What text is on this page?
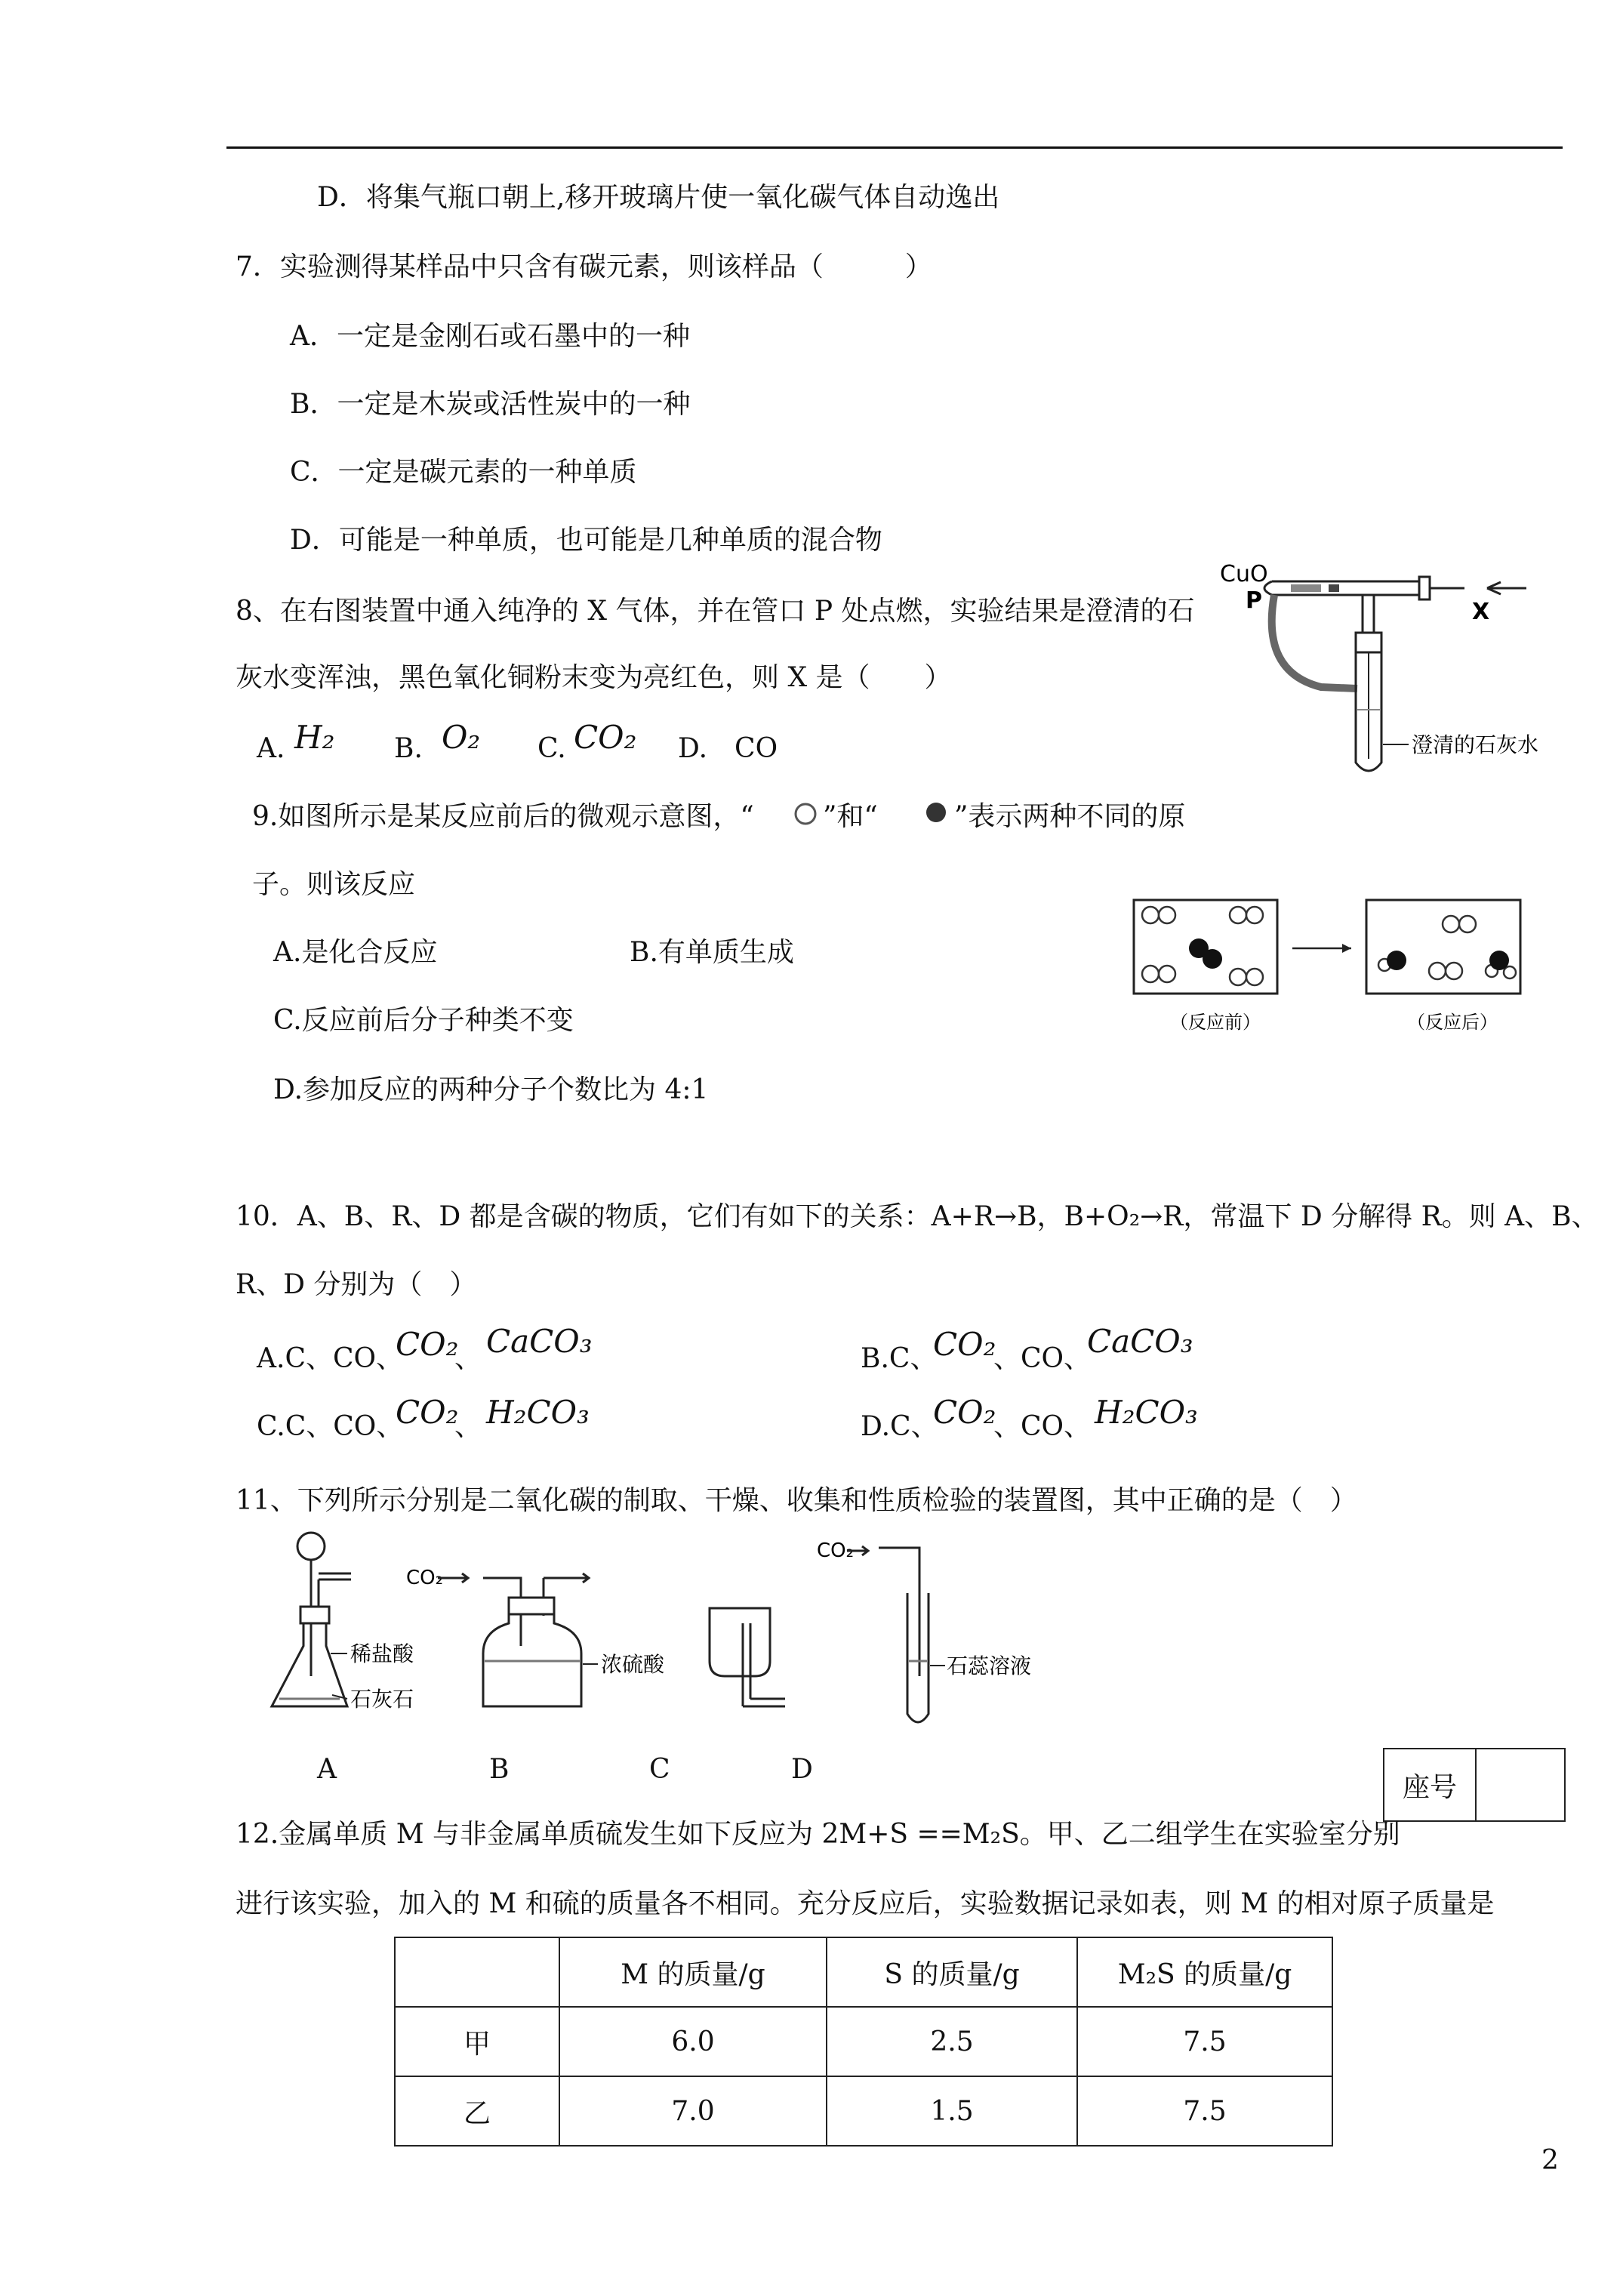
D．将集气瓶口朝上,移开玻璃片使一氧化碳气体自动逸出
7．实验测得某样品中只含有碳元素，则该样品（　　　）
A．一定是金刚石或石墨中的一种
B．一定是木炭或活性炭中的一种
C．一定是碳元素的一种单质
D．可能是一种单质，也可能是几种单质的混合物
8、在右图装置中通入纯净的 X 气体，并在管口 P 处点燃，实验结果是澄清的石
灰水变浑浊，黑色氧化铜粉末变为亮红色，则 X 是（　　）
A. H₂ B. O₂ C. CO₂ D.　CO
CuO
P	X
澄清的石灰水
9.如图所示是某反应前后的微观示意图，“	”和“	”表示两种不同的原
子。则该反应
A.是化合反应	B.有单质生成
C.反应前后分子种类不变
D.参加反应的两种分子个数比为 4:1
（反应前）	（反应后）
10．A、B、R、D 都是含碳的物质，它们有如下的关系：A+R→B，B+O₂→R，常温下 D 分解得 R。则 A、B、
R、D 分别为（　）
A.C、CO、
CO₂
、 CaCO₃	B.C、
CO₂
、CO、
CaCO₃
C.C、CO、
CO₂
、 H₂CO₃	D.C、
CO₂
、CO、 H₂CO₃
11、下列所示分别是二氧化碳的制取、干燥、收集和性质检验的装置图，其中正确的是（　）
稀盐酸
石灰石
CO₂
浓硫酸
CO₂
石蕊溶液
A	B	C	D
座号
12.金属单质 M 与非金属单质硫发生如下反应为 2M+S ==M₂S。甲、乙二组学生在实验室分别
进行该实验，加入的 M 和硫的质量各不相同。充分反应后，实验数据记录如表，则 M 的相对原子质量是
	M 的质量/g	S 的质量/g	M₂S 的质量/g
甲	6.0	2.5	7.5
乙	7.0	1.5	7.5
2
